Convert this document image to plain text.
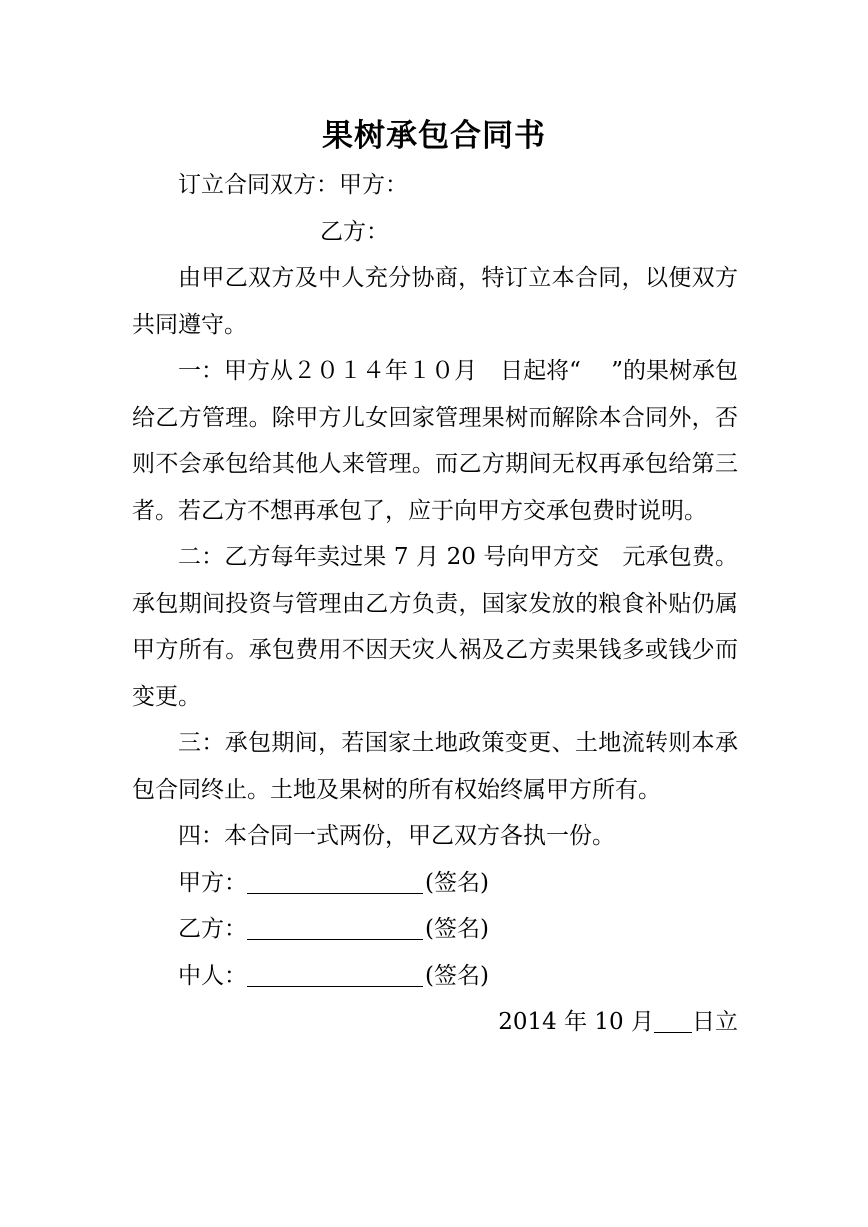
果树承包合同书

订立合同双方：甲方：

乙方：

由甲乙双方及中人充分协商，特订立本合同，以便双方共同遵守。

一：甲方从２０１４年１０月　日起将“　 ”的果树承包给乙方管理。除甲方儿女回家管理果树而解除本合同外，否则不会承包给其他人来管理。而乙方期间无权再承包给第三者。若乙方不想再承包了，应于向甲方交承包费时说明。

二：乙方每年卖过果 7 月 20 号向甲方交　元承包费。承包期间投资与管理由乙方负责，国家发放的粮食补贴仍属甲方所有。承包费用不因天灾人祸及乙方卖果钱多或钱少而变更。

三：承包期间，若国家土地政策变更、土地流转则本承包合同终止。土地及果树的所有权始终属甲方所有。

四：本合同一式两份，甲乙双方各执一份。

甲方：	(签名)

乙方：	(签名)

中人：	(签名)

2014 年 10 月 日立
